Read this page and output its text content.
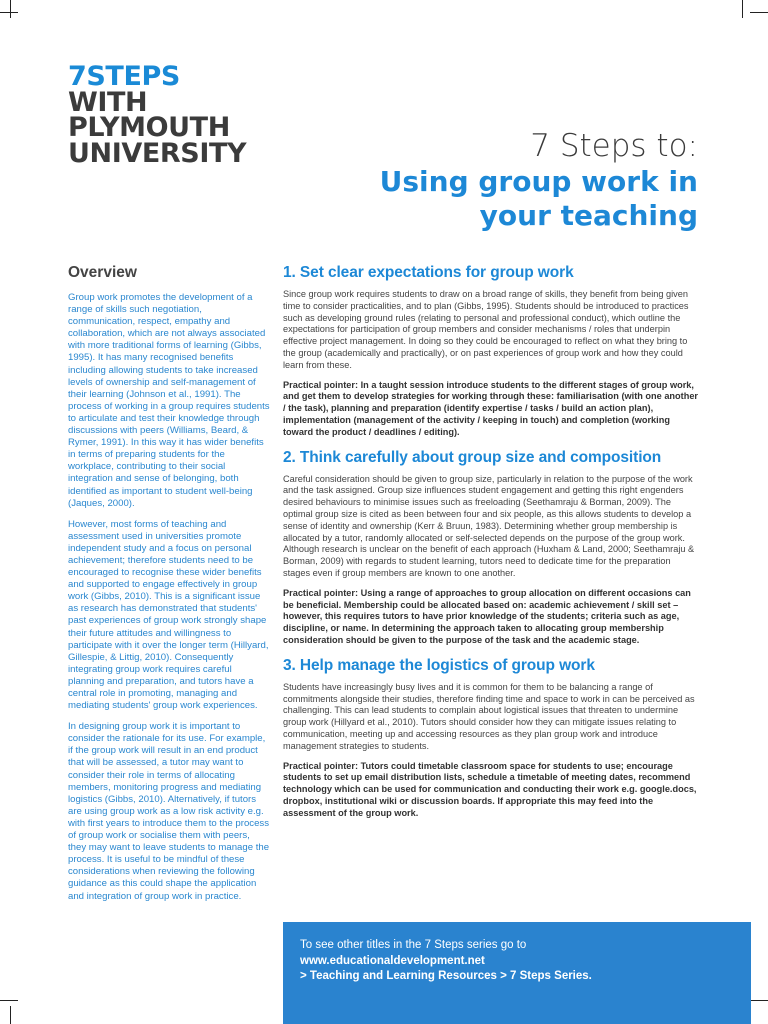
7STEPS
WITH
PLYMOUTH
UNIVERSITY	7 Steps to:
Using group work in
your teaching
Overview

Group work promotes the development of a range of skills such negotiation, communication, respect, empathy and collaboration, which are not always associated with more traditional forms of learning (Gibbs, 1995). It has many recognised benefits including allowing students to take increased levels of ownership and self-management of their learning (Johnson et al., 1991). The process of working in a group requires students to articulate and test their knowledge through discussions with peers (Williams, Beard, & Rymer, 1991). In this way it has wider benefits in terms of preparing students for the workplace, contributing to their social integration and sense of belonging, both identified as important to student well-being (Jaques, 2000).

However, most forms of teaching and assessment used in universities promote independent study and a focus on personal achievement; therefore students need to be encouraged to recognise these wider benefits and supported to engage effectively in group work (Gibbs, 2010). This is a significant issue as research has demonstrated that students' past experiences of group work strongly shape their future attitudes and willingness to participate with it over the longer term (Hillyard, Gillespie, & Littig, 2010). Consequently integrating group work requires careful planning and preparation, and tutors have a central role in promoting, managing and mediating students' group work experiences.

In designing group work it is important to consider the rationale for its use. For example, if the group work will result in an end product that will be assessed, a tutor may want to consider their role in terms of allocating members, monitoring progress and mediating logistics (Gibbs, 2010). Alternatively, if tutors are using group work as a low risk activity e.g. with first years to introduce them to the process of group work or socialise them with peers, they may want to leave students to manage the process. It is useful to be mindful of these considerations when reviewing the following guidance as this could shape the application and integration of group work in practice.

1. Set clear expectations for group work

Since group work requires students to draw on a broad range of skills, they benefit from being given time to consider practicalities, and to plan (Gibbs, 1995). Students should be introduced to practices such as developing ground rules (relating to personal and professional conduct), which outline the expectations for participation of group members and consider mechanisms / roles that underpin effective project management. In doing so they could be encouraged to reflect on what they bring to the group (academically and practically), or on past experiences of group work and how they could learn from these.

Practical pointer: In a taught session introduce students to the different stages of group work, and get them to develop strategies for working through these: familiarisation (with one another / the task), planning and preparation (identify expertise / tasks / build an action plan), implementation (management of the activity / keeping in touch) and completion (working toward the product / deadlines / editing).

2. Think carefully about group size and composition

Careful consideration should be given to group size, particularly in relation to the purpose of the work and the task assigned. Group size influences student engagement and getting this right engenders desired behaviours to minimise issues such as freeloading (Seethamraju & Borman, 2009). The optimal group size is cited as been between four and six people, as this allows students to develop a sense of identity and ownership (Kerr & Bruun, 1983). Determining whether group membership is allocated by a tutor, randomly allocated or self-selected depends on the purpose of the group work. Although research is unclear on the benefit of each approach (Huxham & Land, 2000; Seethamraju & Borman, 2009) with regards to student learning, tutors need to dedicate time for the preparation stages even if group members are known to one another.

Practical pointer: Using a range of approaches to group allocation on different occasions can be beneficial. Membership could be allocated based on: academic achievement / skill set – however, this requires tutors to have prior knowledge of the students; criteria such as age, discipline, or name. In determining the approach taken to allocating group membership consideration should be given to the purpose of the task and the academic stage.

3. Help manage the logistics of group work

Students have increasingly busy lives and it is common for them to be balancing a range of commitments alongside their studies, therefore finding time and space to work in can be perceived as challenging. This can lead students to complain about logistical issues that threaten to undermine group work (Hillyard et al., 2010). Tutors should consider how they can mitigate issues relating to communication, meeting up and accessing resources as they plan group work and introduce management strategies to students.

Practical pointer: Tutors could timetable classroom space for students to use; encourage students to set up email distribution lists, schedule a timetable of meeting dates, recommend technology which can be used for communication and conducting their work e.g. google.docs, dropbox, institutional wiki or discussion boards. If appropriate this may feed into the assessment of the group work.

To see other titles in the 7 Steps series go to
www.educationaldevelopment.net
> Teaching and Learning Resources > 7 Steps Series.
